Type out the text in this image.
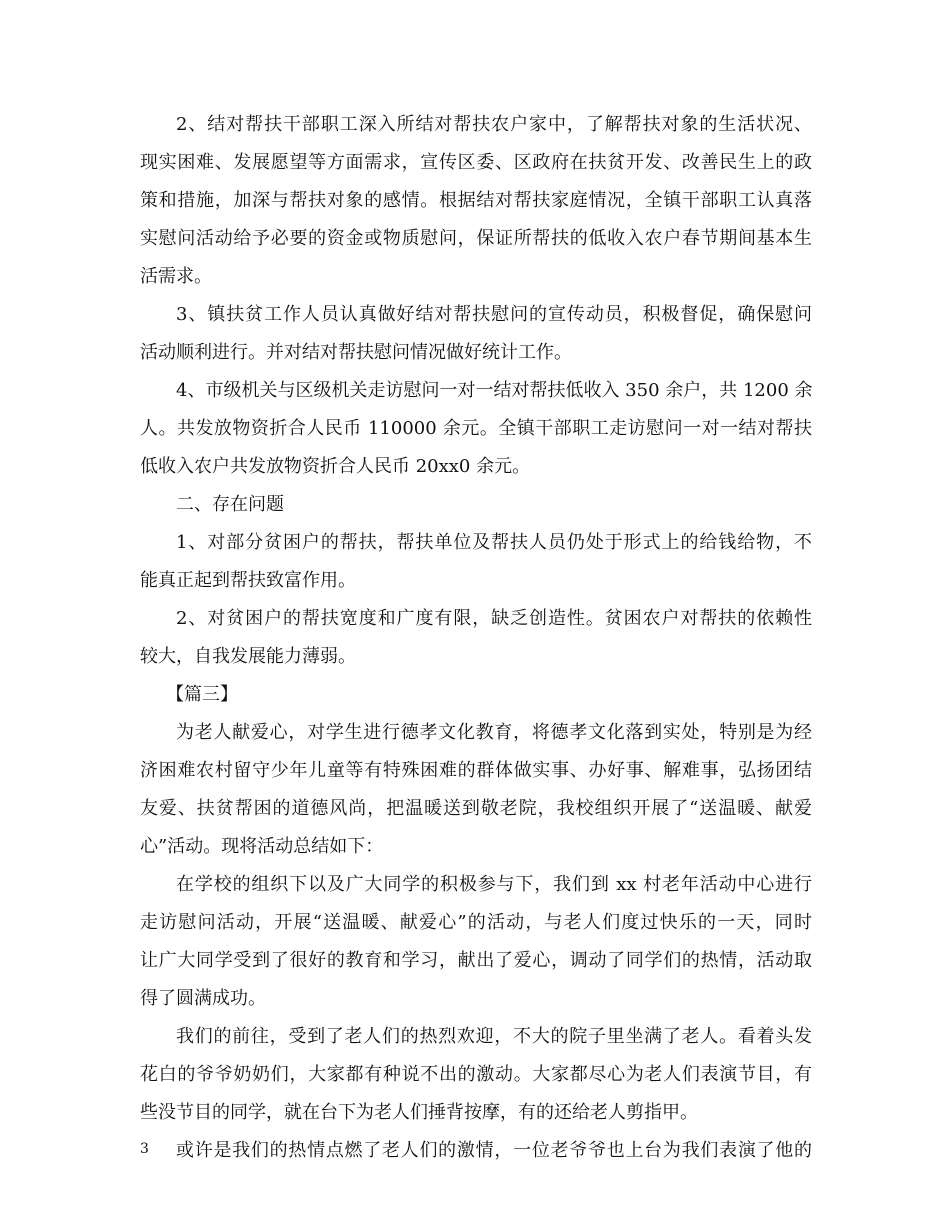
2、结对帮扶干部职工深入所结对帮扶农户家中，了解帮扶对象的生活状况、
现实困难、发展愿望等方面需求，宣传区委、区政府在扶贫开发、改善民生上的政
策和措施，加深与帮扶对象的感情。根据结对帮扶家庭情况，全镇干部职工认真落
实慰问活动给予必要的资金或物质慰问，保证所帮扶的低收入农户春节期间基本生
活需求。
3、镇扶贫工作人员认真做好结对帮扶慰问的宣传动员，积极督促，确保慰问
活动顺利进行。并对结对帮扶慰问情况做好统计工作。
4、市级机关与区级机关走访慰问一对一结对帮扶低收入 350 余户，共 1200 余
人。共发放物资折合人民币 110000 余元。全镇干部职工走访慰问一对一结对帮扶
低收入农户共发放物资折合人民币 20xx0 余元。
二、存在问题
1、对部分贫困户的帮扶，帮扶单位及帮扶人员仍处于形式上的给钱给物，不
能真正起到帮扶致富作用。
2、对贫困户的帮扶宽度和广度有限，缺乏创造性。贫困农户对帮扶的依赖性
较大，自我发展能力薄弱。
【篇三】
为老人献爱心，对学生进行德孝文化教育，将德孝文化落到实处，特别是为经
济困难农村留守少年儿童等有特殊困难的群体做实事、办好事、解难事，弘扬团结
友爱、扶贫帮困的道德风尚，把温暖送到敬老院，我校组织开展了“送温暖、献爱
心”活动。现将活动总结如下：
在学校的组织下以及广大同学的积极参与下，我们到 xx 村老年活动中心进行
走访慰问活动，开展“送温暖、献爱心”的活动，与老人们度过快乐的一天，同时
让广大同学受到了很好的教育和学习，献出了爱心，调动了同学们的热情，活动取
得了圆满成功。
我们的前往，受到了老人们的热烈欢迎，不大的院子里坐满了老人。看着头发
花白的爷爷奶奶们，大家都有种说不出的激动。大家都尽心为老人们表演节目，有
些没节目的同学，就在台下为老人们捶背按摩，有的还给老人剪指甲。
或许是我们的热情点燃了老人们的激情，一位老爷爷也上台为我们表演了他的
3
